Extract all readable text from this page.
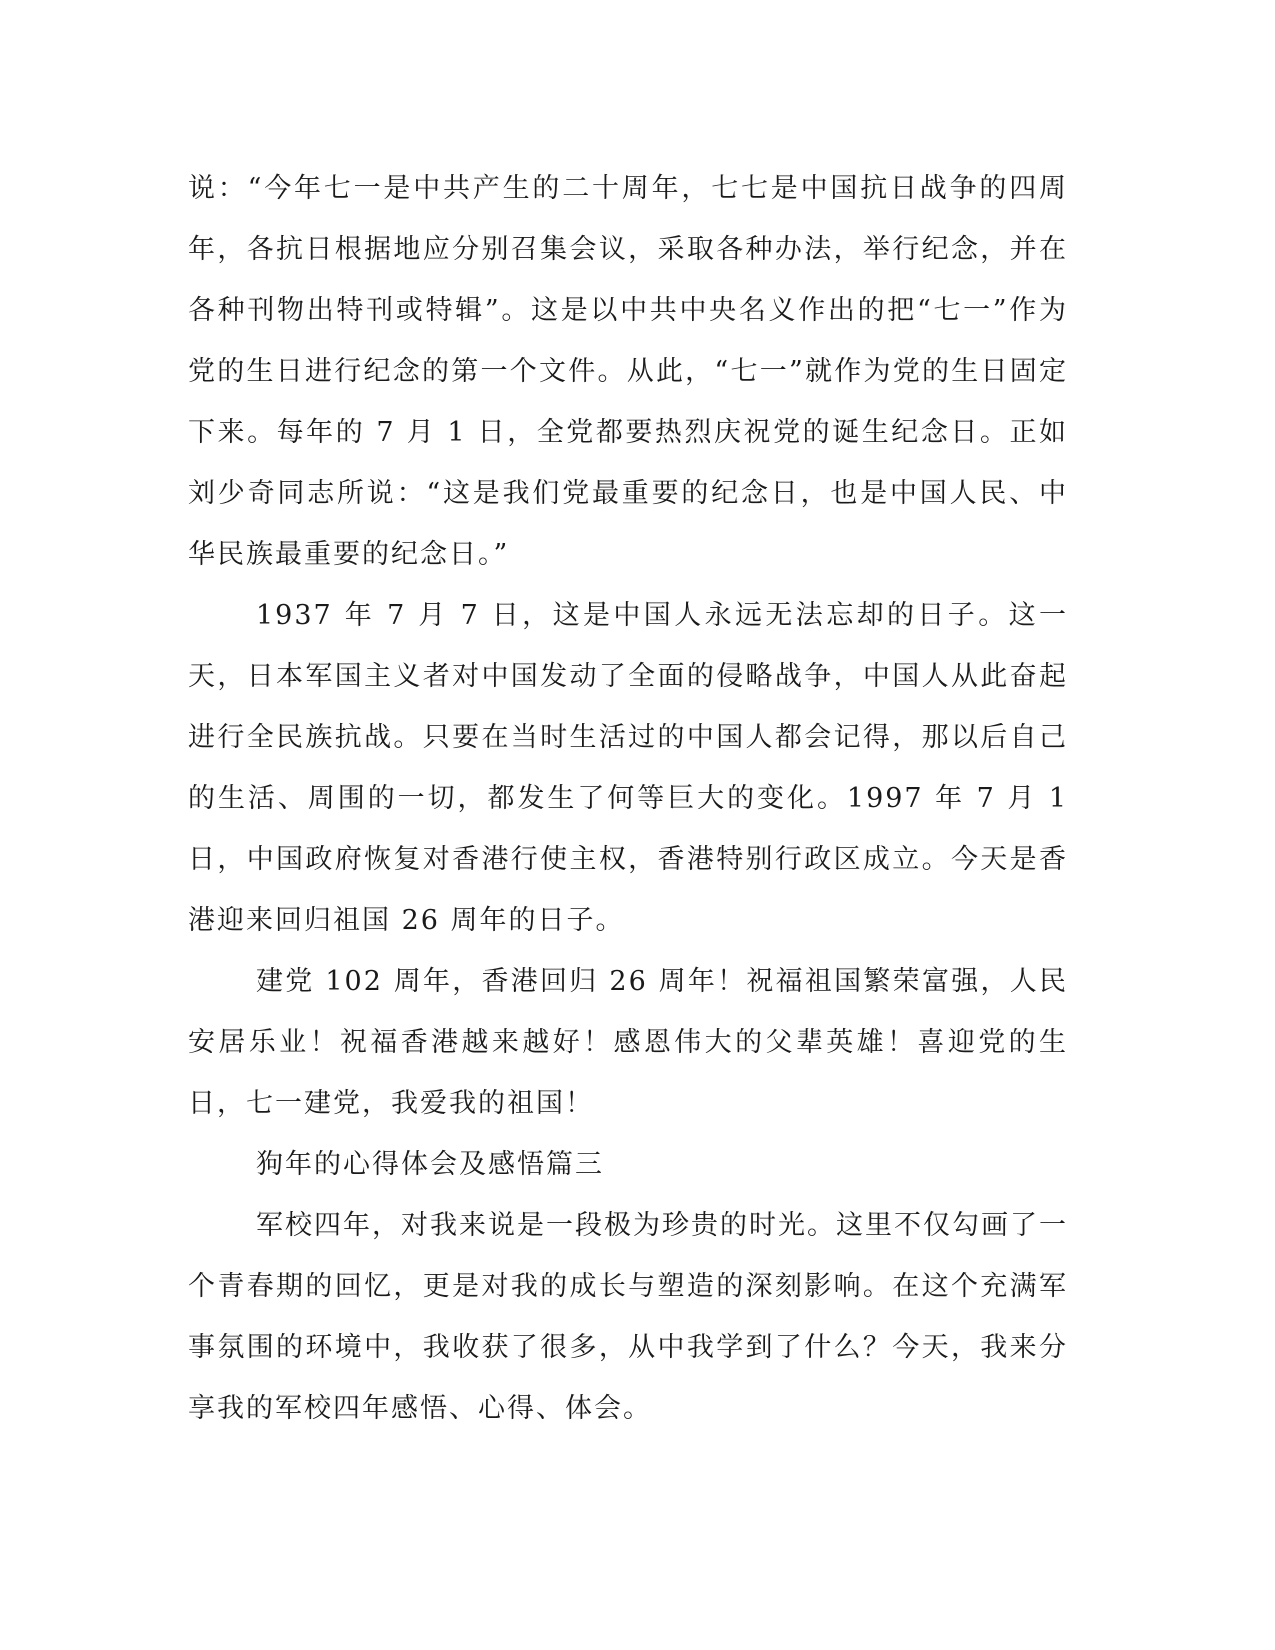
说：“今年七一是中共产生的二十周年，七七是中国抗日战争的四周年，各抗日根据地应分别召集会议，采取各种办法，举行纪念，并在各种刊物出特刊或特辑”。这是以中共中央名义作出的把“七一”作为党的生日进行纪念的第一个文件。从此，“七一”就作为党的生日固定下来。每年的 7 月 1 日，全党都要热烈庆祝党的诞生纪念日。正如刘少奇同志所说：“这是我们党最重要的纪念日，也是中国人民、中华民族最重要的纪念日。”

1937 年 7 月 7 日，这是中国人永远无法忘却的日子。这一天，日本军国主义者对中国发动了全面的侵略战争，中国人从此奋起进行全民族抗战。只要在当时生活过的中国人都会记得，那以后自己的生活、周围的一切，都发生了何等巨大的变化。1997 年 7 月 1 日，中国政府恢复对香港行使主权，香港特别行政区成立。今天是香港迎来回归祖国 26 周年的日子。

建党 102 周年，香港回归 26 周年！祝福祖国繁荣富强，人民安居乐业！祝福香港越来越好！感恩伟大的父辈英雄！喜迎党的生日，七一建党，我爱我的祖国！

狗年的心得体会及感悟篇三

军校四年，对我来说是一段极为珍贵的时光。这里不仅勾画了一个青春期的回忆，更是对我的成长与塑造的深刻影响。在这个充满军事氛围的环境中，我收获了很多，从中我学到了什么？今天，我来分享我的军校四年感悟、心得、体会。
